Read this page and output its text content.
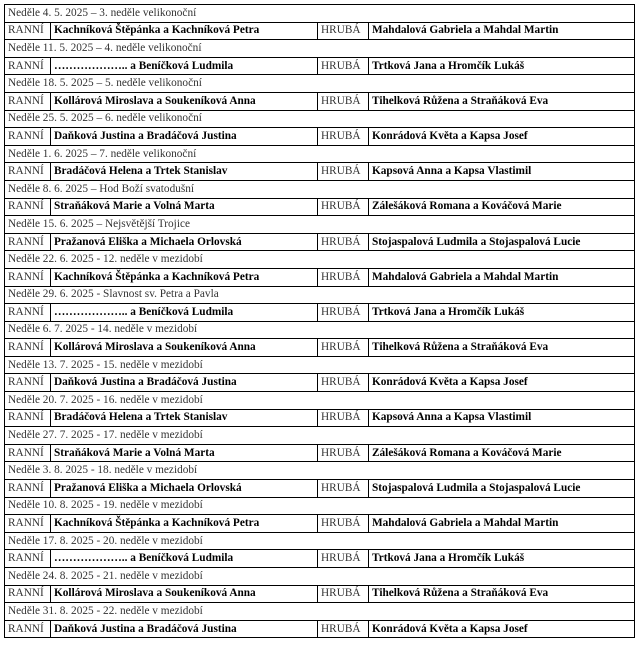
Neděle 4. 5. 2025 – 3. neděle velikonoční			
RANNÍ	Kachníková Štěpánka a Kachníková Petra	HRUBÁ	Mahdalová Gabriela a Mahdal Martin
Neděle 11. 5. 2025 – 4. neděle velikonoční			
RANNÍ	……………….. a Beníčková Ludmila	HRUBÁ	Trtková Jana a Hromčík Lukáš
Neděle 18. 5. 2025 – 5. neděle velikonoční			
RANNÍ	Kollárová Miroslava a Soukeníková Anna	HRUBÁ	Tihelková Růžena a Straňáková Eva
Neděle 25. 5. 2025 – 6. neděle velikonoční			
RANNÍ	Daňková Justina a Bradáčová Justina	HRUBÁ	Konrádová Květa a Kapsa Josef
Neděle 1. 6. 2025 – 7. neděle velikonoční			
RANNÍ	Bradáčová Helena a Trtek Stanislav	HRUBÁ	Kapsová Anna a Kapsa Vlastimil
Neděle 8. 6. 2025 – Hod Boží svatodušní			
RANNÍ	Straňáková Marie a Volná Marta	HRUBÁ	Zálešáková Romana a Kováčová Marie
Neděle 15. 6. 2025 – Nejsvětější Trojice			
RANNÍ	Pražanová Eliška a Michaela Orlovská	HRUBÁ	Stojaspalová Ludmila a Stojaspalová Lucie
Neděle 22. 6. 2025 - 12. neděle v mezidobí			
RANNÍ	Kachníková Štěpánka a Kachníková Petra	HRUBÁ	Mahdalová Gabriela a Mahdal Martin
Neděle 29. 6. 2025 - Slavnost sv. Petra a Pavla			
RANNÍ	……………….. a Beníčková Ludmila	HRUBÁ	Trtková Jana a Hromčík Lukáš
Neděle 6. 7. 2025 - 14. neděle v mezidobí			
RANNÍ	Kollárová Miroslava a Soukeníková Anna	HRUBÁ	Tihelková Růžena a Straňáková Eva
Neděle 13. 7. 2025 - 15. neděle v mezidobí			
RANNÍ	Daňková Justina a Bradáčová Justina	HRUBÁ	Konrádová Květa a Kapsa Josef
Neděle 20. 7. 2025 - 16. neděle v mezidobí			
RANNÍ	Bradáčová Helena a Trtek Stanislav	HRUBÁ	Kapsová Anna a Kapsa Vlastimil
Neděle 27. 7. 2025 - 17. neděle v mezidobí			
RANNÍ	Straňáková Marie a Volná Marta	HRUBÁ	Zálešáková Romana a Kováčová Marie
Neděle 3. 8. 2025 - 18. neděle v mezidobí			
RANNÍ	Pražanová Eliška a Michaela Orlovská	HRUBÁ	Stojaspalová Ludmila a Stojaspalová Lucie
Neděle 10. 8. 2025 - 19. neděle v mezidobí			
RANNÍ	Kachníková Štěpánka a Kachníková Petra	HRUBÁ	Mahdalová Gabriela a Mahdal Martin
Neděle 17. 8. 2025 - 20. neděle v mezidobí			
RANNÍ	……………….. a Beníčková Ludmila	HRUBÁ	Trtková Jana a Hromčík Lukáš
Neděle 24. 8. 2025 - 21. neděle v mezidobí			
RANNÍ	Kollárová Miroslava a Soukeníková Anna	HRUBÁ	Tihelková Růžena a Straňáková Eva
Neděle 31. 8. 2025 - 22. neděle v mezidobí			
RANNÍ	Daňková Justina a Bradáčová Justina	HRUBÁ	Konrádová Květa a Kapsa Josef
